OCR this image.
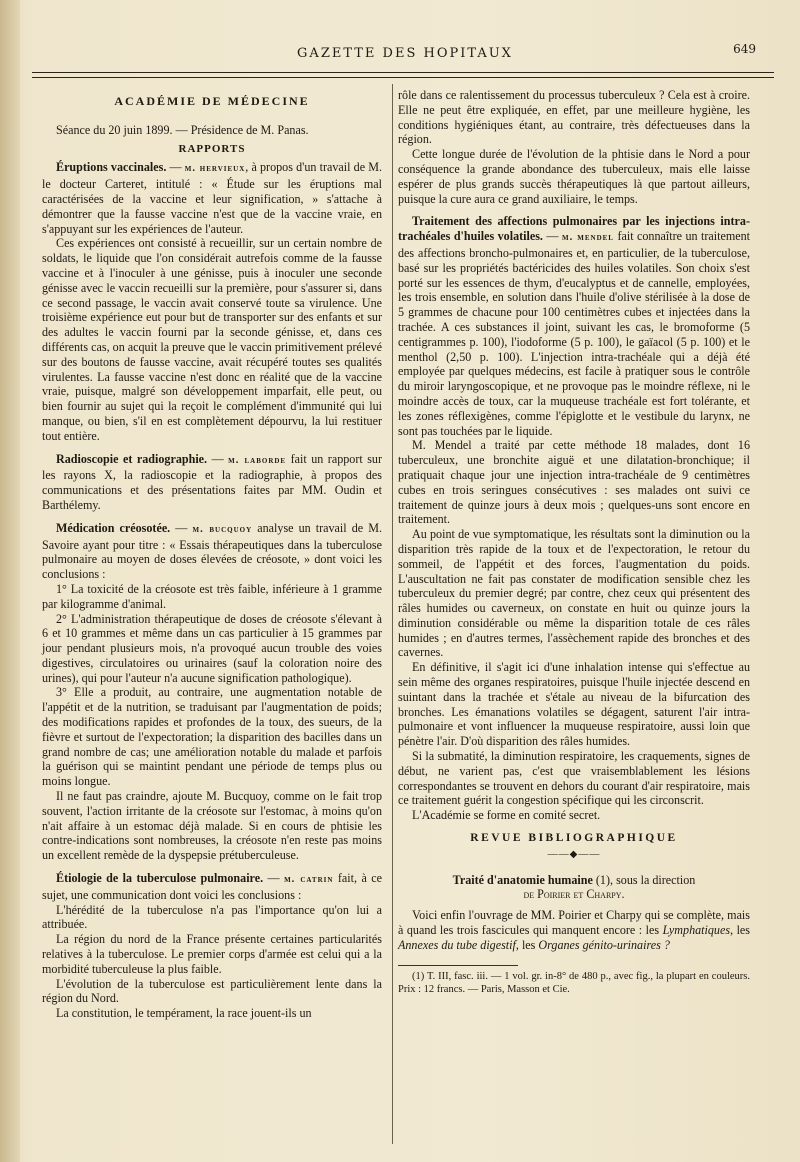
GAZETTE DES HOPITAUX	649
ACADÉMIE DE MÉDECINE

Séance du 20 juin 1899. — Présidence de M. Panas.

RAPPORTS

Éruptions vaccinales. — m. hervieux, à propos d'un travail de M. le docteur Carteret, intitulé : « Étude sur les éruptions mal caractérisées de la vaccine et leur signification, » s'attache à démontrer que la fausse vaccine n'est que de la vaccine vraie, en s'appuyant sur les expériences de l'auteur.

Ces expériences ont consisté à recueillir, sur un certain nombre de soldats, le liquide que l'on considérait autrefois comme de la fausse vaccine et à l'inoculer à une génisse, puis à inoculer une seconde génisse avec le vaccin recueilli sur la première, pour s'assurer si, dans ce second passage, le vaccin avait conservé toute sa virulence. Une troisième expérience eut pour but de transporter sur des enfants et sur des adultes le vaccin fourni par la seconde génisse, et, dans ces différents cas, on acquit la preuve que le vaccin primitivement prélevé sur des boutons de fausse vaccine, avait récupéré toutes ses qualités virulentes. La fausse vaccine n'est donc en réalité que de la vaccine vraie, puisque, malgré son développement imparfait, elle peut, ou bien fournir au sujet qui la reçoit le complément d'immunité qui lui manque, ou bien, s'il en est complètement dépourvu, la lui restituer tout entière.

Radioscopie et radiographie. — m. laborde fait un rapport sur les rayons X, la radioscopie et la radiographie, à propos des communications et des présentations faites par MM. Oudin et Barthélemy.

Médication créosotée. — m. bucquoy analyse un travail de M. Savoire ayant pour titre : « Essais thérapeutiques dans la tuberculose pulmonaire au moyen de doses élevées de créosote, » dont voici les conclusions :

1° La toxicité de la créosote est très faible, inférieure à 1 gramme par kilogramme d'animal.

2° L'administration thérapeutique de doses de créosote s'élevant à 6 et 10 grammes et même dans un cas particulier à 15 grammes par jour pendant plusieurs mois, n'a provoqué aucun trouble des voies digestives, circulatoires ou urinaires (sauf la coloration noire des urines), qui pour l'auteur n'a aucune signification pathologique).

3° Elle a produit, au contraire, une augmentation notable de l'appétit et de la nutrition, se traduisant par l'augmentation de poids; des modifications rapides et profondes de la toux, des sueurs, de la fièvre et surtout de l'expectoration; la disparition des bacilles dans un grand nombre de cas; une amélioration notable du malade et parfois la guérison qui se maintint pendant une période de temps plus ou moins longue.

Il ne faut pas craindre, ajoute M. Bucquoy, comme on le fait trop souvent, l'action irritante de la créosote sur l'estomac, à moins qu'on n'ait affaire à un estomac déjà malade. Si en cours de phtisie les contre-indications sont nombreuses, la créosote n'en reste pas moins un excellent remède de la dyspepsie prétuberculeuse.

Étiologie de la tuberculose pulmonaire. — m. catrin fait, à ce sujet, une communication dont voici les conclusions :

L'hérédité de la tuberculose n'a pas l'importance qu'on lui a attribuée.

La région du nord de la France présente certaines particularités relatives à la tuberculose. Le premier corps d'armée est celui qui a la morbidité tuberculeuse la plus faible.

L'évolution de la tuberculose est particulièrement lente dans la région du Nord.

La constitution, le tempérament, la race jouent-ils un

rôle dans ce ralentissement du processus tuberculeux ? Cela est à croire. Elle ne peut être expliquée, en effet, par une meilleure hygiène, les conditions hygiéniques étant, au contraire, très défectueuses dans la région.

Cette longue durée de l'évolution de la phtisie dans le Nord a pour conséquence la grande abondance des tuberculeux, mais elle laisse espérer de plus grands succès thérapeutiques là que partout ailleurs, puisque la cure aura ce grand auxiliaire, le temps.

Traitement des affections pulmonaires par les injections intra-trachéales d'huiles volatiles. — m. mendel fait connaître un traitement des affections broncho-pulmonaires et, en particulier, de la tuberculose, basé sur les propriétés bactéricides des huiles volatiles. Son choix s'est porté sur les essences de thym, d'eucalyptus et de cannelle, employées, les trois ensemble, en solution dans l'huile d'olive stérilisée à la dose de 5 grammes de chacune pour 100 centimètres cubes et injectées dans la trachée. A ces substances il joint, suivant les cas, le bromoforme (5 centigrammes p. 100), l'iodoforme (5 p. 100), le gaïacol (5 p. 100) et le menthol (2,50 p. 100). L'injection intra-trachéale qui a déjà été employée par quelques médecins, est facile à pratiquer sous le contrôle du miroir laryngoscopique, et ne provoque pas le moindre réflexe, ni le moindre accès de toux, car la muqueuse trachéale est fort tolérante, et les zones réflexigènes, comme l'épiglotte et le vestibule du larynx, ne sont pas touchées par le liquide.

M. Mendel a traité par cette méthode 18 malades, dont 16 tuberculeux, une bronchite aiguë et une dilatation-bronchique; il pratiquait chaque jour une injection intra-trachéale de 9 centimètres cubes en trois seringues consécutives : ses malades ont suivi ce traitement de quinze jours à deux mois ; quelques-uns sont encore en traitement.

Au point de vue symptomatique, les résultats sont la diminution ou la disparition très rapide de la toux et de l'expectoration, le retour du sommeil, de l'appétit et des forces, l'augmentation du poids. L'auscultation ne fait pas constater de modification sensible chez les tuberculeux du premier degré; par contre, chez ceux qui présentent des râles humides ou caverneux, on constate en huit ou quinze jours la diminution considérable ou même la disparition totale de ces râles humides ; en d'autres termes, l'assèchement rapide des bronches et des cavernes.

En définitive, il s'agit ici d'une inhalation intense qui s'effectue au sein même des organes respiratoires, puisque l'huile injectée descend en suintant dans la trachée et s'étale au niveau de la bifurcation des bronches. Les émanations volatiles se dégagent, saturent l'air intra-pulmonaire et vont influencer la muqueuse respiratoire, aussi loin que pénètre l'air. D'où disparition des râles humides.

Si la submatité, la diminution respiratoire, les craquements, signes de début, ne varient pas, c'est que vraisemblablement les lésions correspondantes se trouvent en dehors du courant d'air respiratoire, mais ce traitement guérit la congestion spécifique qui les circonscrit.

L'Académie se forme en comité secret.

REVUE BIBLIOGRAPHIQUE
——◆——

Traité d'anatomie humaine (1), sous la direction

de Poirier et Charpy.

Voici enfin l'ouvrage de MM. Poirier et Charpy qui se complète, mais à quand les trois fascicules qui manquent encore : les Lymphatiques, les Annexes du tube digestif, les Organes génito-urinaires ?

(1) T. III, fasc. iii. — 1 vol. gr. in-8° de 480 p., avec fig., la plupart en couleurs. Prix : 12 francs. — Paris, Masson et Cie.
